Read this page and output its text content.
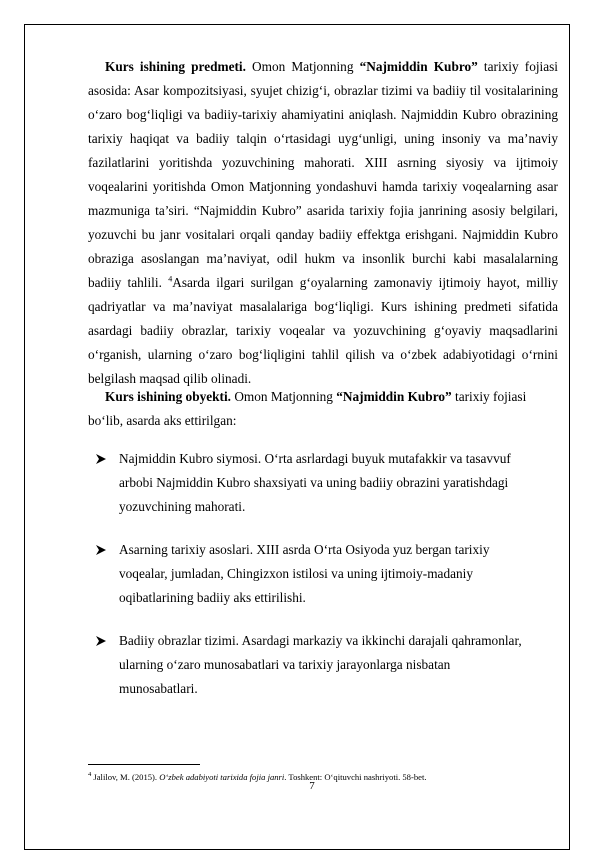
Kurs ishining predmeti. Omon Matjonning “Najmiddin Kubro” tarixiy fojiasi asosida: Asar kompozitsiyasi, syujet chizig‘i, obrazlar tizimi va badiiy til vositalarining o‘zaro bog‘liqligi va badiiy-tarixiy ahamiyatini aniqlash. Najmiddin Kubro obrazining tarixiy haqiqat va badiiy talqin o‘rtasidagi uyg‘unligi, uning insoniy va ma’naviy fazilatlarini yoritishda yozuvchining mahorati. XIII asrning siyosiy va ijtimoiy voqealarini yoritishda Omon Matjonning yondashuvi hamda tarixiy voqealarning asar mazmuniga ta’siri. “Najmiddin Kubro” asarida tarixiy fojia janrining asosiy belgilari, yozuvchi bu janr vositalari orqali qanday badiiy effektga erishgani. Najmiddin Kubro obraziga asoslangan ma’naviyat, odil hukm va insonlik burchi kabi masalalarning badiiy tahlili. $^4$Asarda ilgari surilgan g‘oyalarning zamonaviy ijtimoiy hayot, milliy qadriyatlar va ma’naviyat masalalariga bog‘liqligi. Kurs ishining predmeti sifatida asardagi badiiy obrazlar, tarixiy voqealar va yozuvchining g‘oyaviy maqsadlarini o‘rganish, ularning o‘zaro bog‘liqligini tahlil qilish va o‘zbek adabiyotidagi o‘rnini belgilash maqsad qilib olinadi.

Kurs ishining obyekti. Omon Matjonning “Najmiddin Kubro” tarixiy fojiasi bo‘lib, asarda aks ettirilgan:

Najmiddin Kubro siymosi. O‘rta asrlardagi buyuk mutafakkir va tasavvuf arbobi Najmiddin Kubro shaxsiyati va uning badiiy obrazini yaratishdagi yozuvchining mahorati.
Asarning tarixiy asoslari. XIII asrda O‘rta Osiyoda yuz bergan tarixiy voqealar, jumladan, Chingizxon istilosi va uning ijtimoiy-madaniy oqibatlarining badiiy aks ettirilishi.
Badiiy obrazlar tizimi. Asardagi markaziy va ikkinchi darajali qahramonlar, ularning o‘zaro munosabatlari va tarixiy jarayonlarga nisbatan munosabatlari.
$^4$ Jalilov, M. (2015). O‘zbek adabiyoti tarixida fojia janri. Toshkent: O‘qituvchi nashriyoti. 58-bet.
7
